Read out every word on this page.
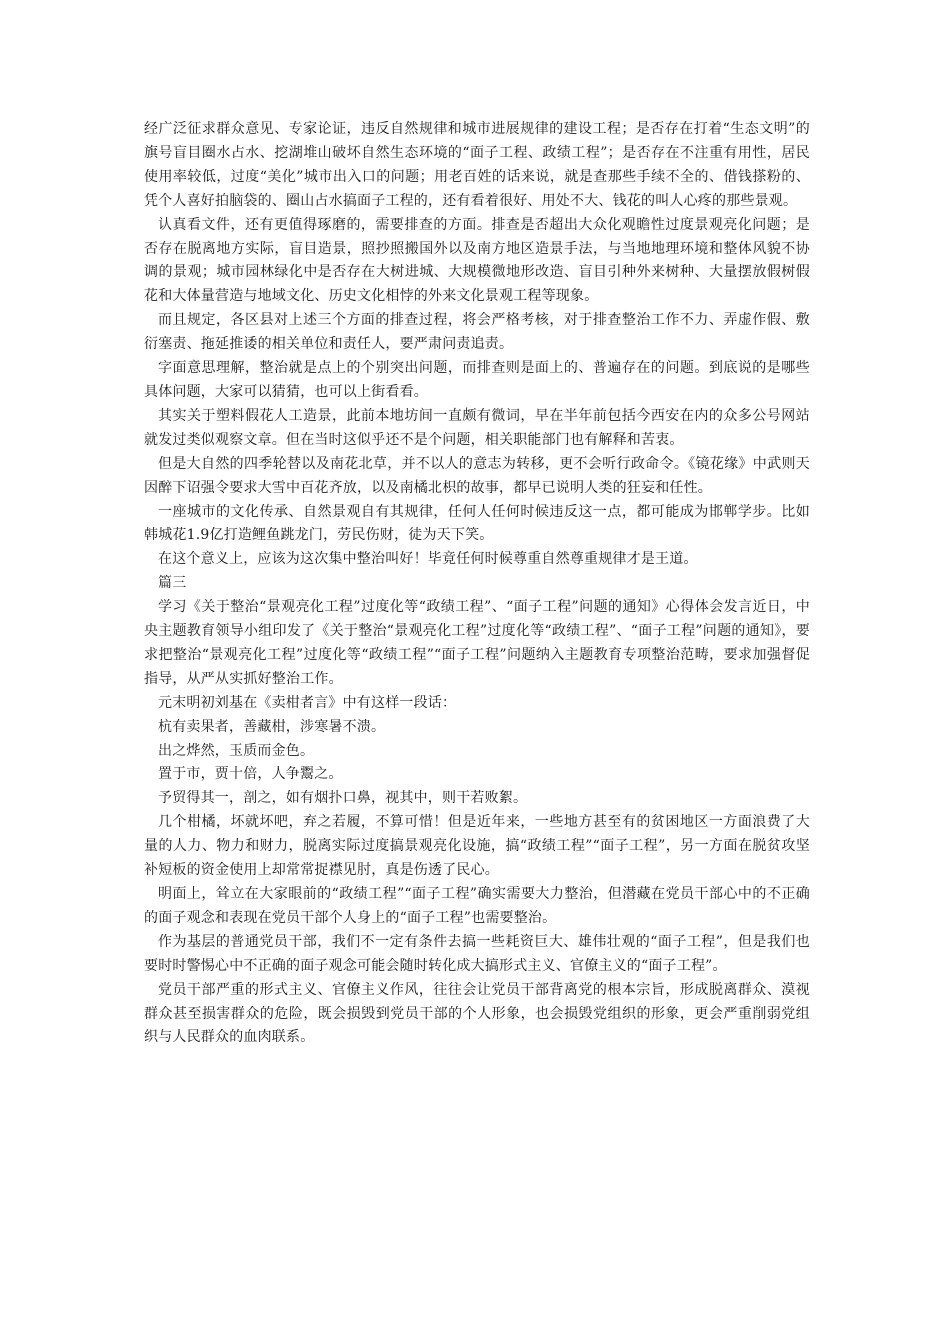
经广泛征求群众意见、专家论证，违反自然规律和城市进展规律的建设工程；是否存在打着“生态文明”的旗号盲目圈水占水、挖湖堆山破坏自然生态环境的“面子工程、政绩工程”；是否存在不注重有用性，居民使用率较低，过度“美化”城市出入口的问题；用老百姓的话来说，就是查那些手续不全的、借钱搽粉的、凭个人喜好拍脑袋的、圈山占水搞面子工程的，还有看着很好、用处不大、钱花的叫人心疼的那些景观。

认真看文件，还有更值得琢磨的，需要排查的方面。排查是否超出大众化观瞻性过度景观亮化问题；是否存在脱离地方实际，盲目造景，照抄照搬国外以及南方地区造景手法，与当地地理环境和整体风貌不协调的景观；城市园林绿化中是否存在大树进城、大规模微地形改造、盲目引种外来树种、大量摆放假树假花和大体量营造与地域文化、历史文化相悖的外来文化景观工程等现象。

而且规定，各区县对上述三个方面的排查过程，将会严格考核，对于排查整治工作不力、弄虚作假、敷衍塞责、拖延推诿的相关单位和责任人，要严肃问责追责。

字面意思理解，整治就是点上的个别突出问题，而排查则是面上的、普遍存在的问题。到底说的是哪些具体问题，大家可以猜猜，也可以上街看看。

其实关于塑料假花人工造景，此前本地坊间一直颇有微词，早在半年前包括今西安在内的众多公号网站就发过类似观察文章。但在当时这似乎还不是个问题，相关职能部门也有解释和苦衷。

但是大自然的四季轮替以及南花北草，并不以人的意志为转移，更不会听行政命令。《镜花缘》中武则天因醉下诏强令要求大雪中百花齐放，以及南橘北枳的故事，都早已说明人类的狂妄和任性。

一座城市的文化传承、自然景观自有其规律，任何人任何时候违反这一点，都可能成为邯郸学步。比如韩城花1.9亿打造鲤鱼跳龙门，劳民伤财，徒为天下笑。

在这个意义上，应该为这次集中整治叫好！毕竟任何时候尊重自然尊重规律才是王道。

篇三

学习《关于整治“景观亮化工程”过度化等“政绩工程”、“面子工程”问题的通知》心得体会发言近日，中央主题教育领导小组印发了《关于整治“景观亮化工程”过度化等“政绩工程”、“面子工程”问题的通知》，要求把整治“景观亮化工程”过度化等“政绩工程”“面子工程”问题纳入主题教育专项整治范畴，要求加强督促指导，从严从实抓好整治工作。

元末明初刘基在《卖柑者言》中有这样一段话：

杭有卖果者，善藏柑，涉寒暑不溃。

出之烨然，玉质而金色。

置于市，贾十倍，人争鬻之。

予贸得其一，剖之，如有烟扑口鼻，视其中，则干若败絮。

几个柑橘，坏就坏吧，弃之若履，不算可惜！但是近年来，一些地方甚至有的贫困地区一方面浪费了大量的人力、物力和财力，脱离实际过度搞景观亮化设施，搞“政绩工程”“面子工程”，另一方面在脱贫攻坚补短板的资金使用上却常常捉襟见肘，真是伤透了民心。

明面上，耸立在大家眼前的“政绩工程”“面子工程”确实需要大力整治，但潜藏在党员干部心中的不正确的面子观念和表现在党员干部个人身上的“面子工程”也需要整治。

作为基层的普通党员干部，我们不一定有条件去搞一些耗资巨大、雄伟壮观的“面子工程”，但是我们也要时时警惕心中不正确的面子观念可能会随时转化成大搞形式主义、官僚主义的“面子工程”。

党员干部严重的形式主义、官僚主义作风，往往会让党员干部背离党的根本宗旨，形成脱离群众、漠视群众甚至损害群众的危险，既会损毁到党员干部的个人形象，也会损毁党组织的形象，更会严重削弱党组织与人民群众的血肉联系。
